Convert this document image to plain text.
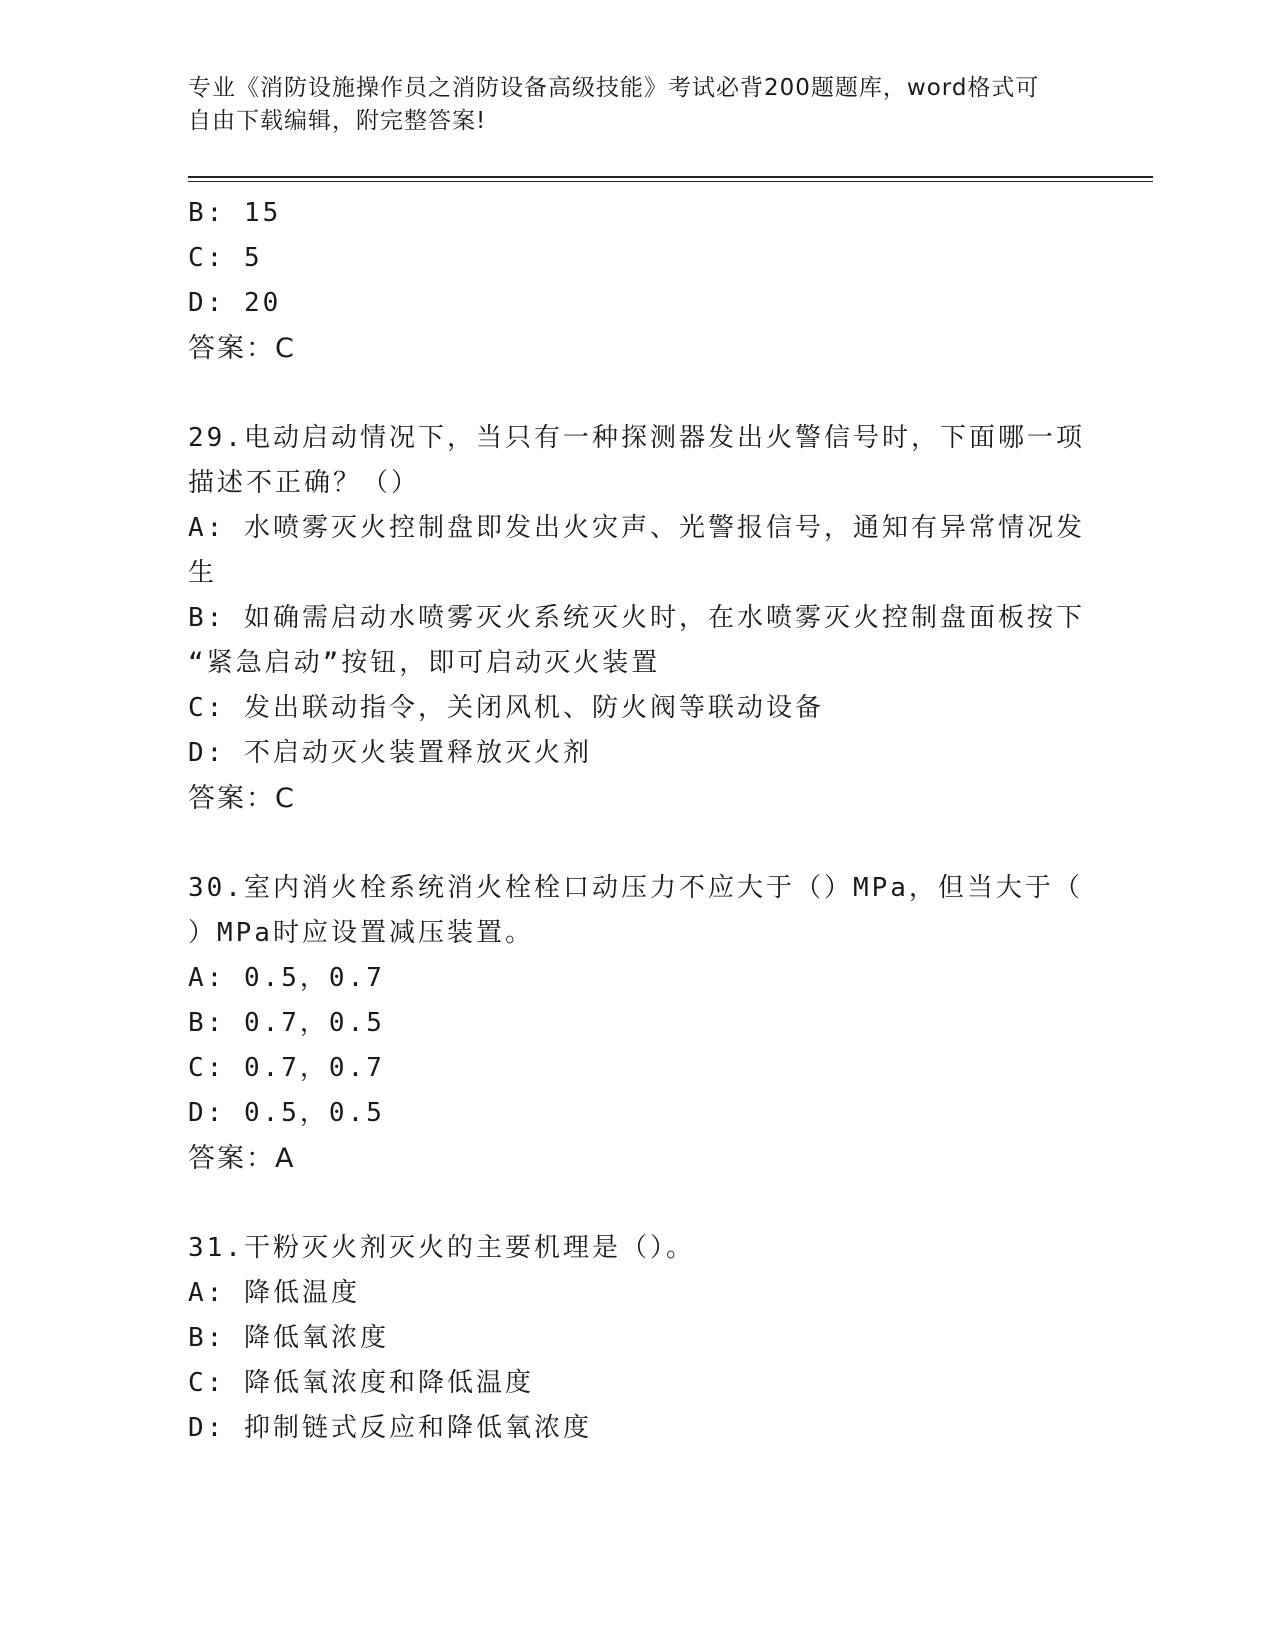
专业《消防设施操作员之消防设备高级技能》考试必背200题题库，word格式可
自由下载编辑，附完整答案!
B: 15
C: 5
D: 20
答案：C
29.电动启动情况下，当只有一种探测器发出火警信号时，下面哪一项
描述不正确？（）
A: 水喷雾灭火控制盘即发出火灾声、光警报信号，通知有异常情况发
生
B: 如确需启动水喷雾灭火系统灭火时，在水喷雾灭火控制盘面板按下
“紧急启动”按钮，即可启动灭火装置
C: 发出联动指令，关闭风机、防火阀等联动设备
D: 不启动灭火装置释放灭火剂
答案：C
30.室内消火栓系统消火栓栓口动压力不应大于（）MPa，但当大于（
）MPa时应设置减压装置。
A: 0.5，0.7
B: 0.7，0.5
C: 0.7，0.7
D: 0.5，0.5
答案：A
31.干粉灭火剂灭火的主要机理是（）。
A: 降低温度
B: 降低氧浓度
C: 降低氧浓度和降低温度
D: 抑制链式反应和降低氧浓度
